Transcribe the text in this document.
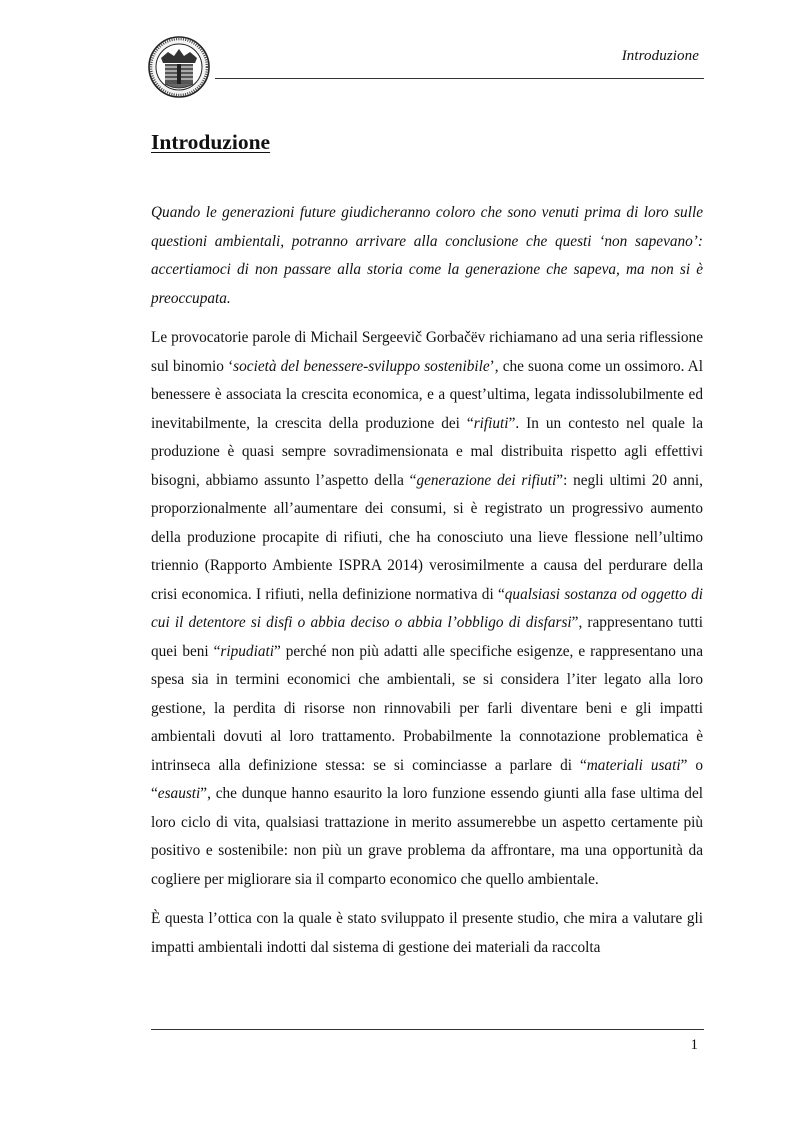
Introduzione
Introduzione

Quando le generazioni future giudicheranno coloro che sono venuti prima di loro sulle questioni ambientali, potranno arrivare alla conclusione che questi ‘non sapevano’: accertiamoci di non passare alla storia come la generazione che sapeva, ma non si è preoccupata.

Le provocatorie parole di Michail Sergeevič Gorbačëv richiamano ad una seria riflessione sul binomio ‘società del benessere-sviluppo sostenibile’, che suona come un ossimoro. Al benessere è associata la crescita economica, e a quest’ultima, legata indissolubilmente ed inevitabilmente, la crescita della produzione dei “rifiuti”. In un contesto nel quale la produzione è quasi sempre sovradimensionata e mal distribuita rispetto agli effettivi bisogni, abbiamo assunto l’aspetto della “generazione dei rifiuti”: negli ultimi 20 anni, proporzionalmente all’aumentare dei consumi, si è registrato un progressivo aumento della produzione procapite di rifiuti, che ha conosciuto una lieve flessione nell’ultimo triennio (Rapporto Ambiente ISPRA 2014) verosimilmente a causa del perdurare della crisi economica. I rifiuti, nella definizione normativa di “qualsiasi sostanza od oggetto di cui il detentore si disfi o abbia deciso o abbia l’obbligo di disfarsi”, rappresentano tutti quei beni “ripudiati” perché non più adatti alle specifiche esigenze, e rappresentano una spesa sia in termini economici che ambientali, se si considera l’iter legato alla loro gestione, la perdita di risorse non rinnovabili per farli diventare beni e gli impatti ambientali dovuti al loro trattamento. Probabilmente la connotazione problematica è intrinseca alla definizione stessa: se si cominciasse a parlare di “materiali usati” o “esausti”, che dunque hanno esaurito la loro funzione essendo giunti alla fase ultima del loro ciclo di vita, qualsiasi trattazione in merito assumerebbe un aspetto certamente più positivo e sostenibile: non più un grave problema da affrontare, ma una opportunità da cogliere per migliorare sia il comparto economico che quello ambientale.

È questa l’ottica con la quale è stato sviluppato il presente studio, che mira a valutare gli impatti ambientali indotti dal sistema di gestione dei materiali da raccolta

1
